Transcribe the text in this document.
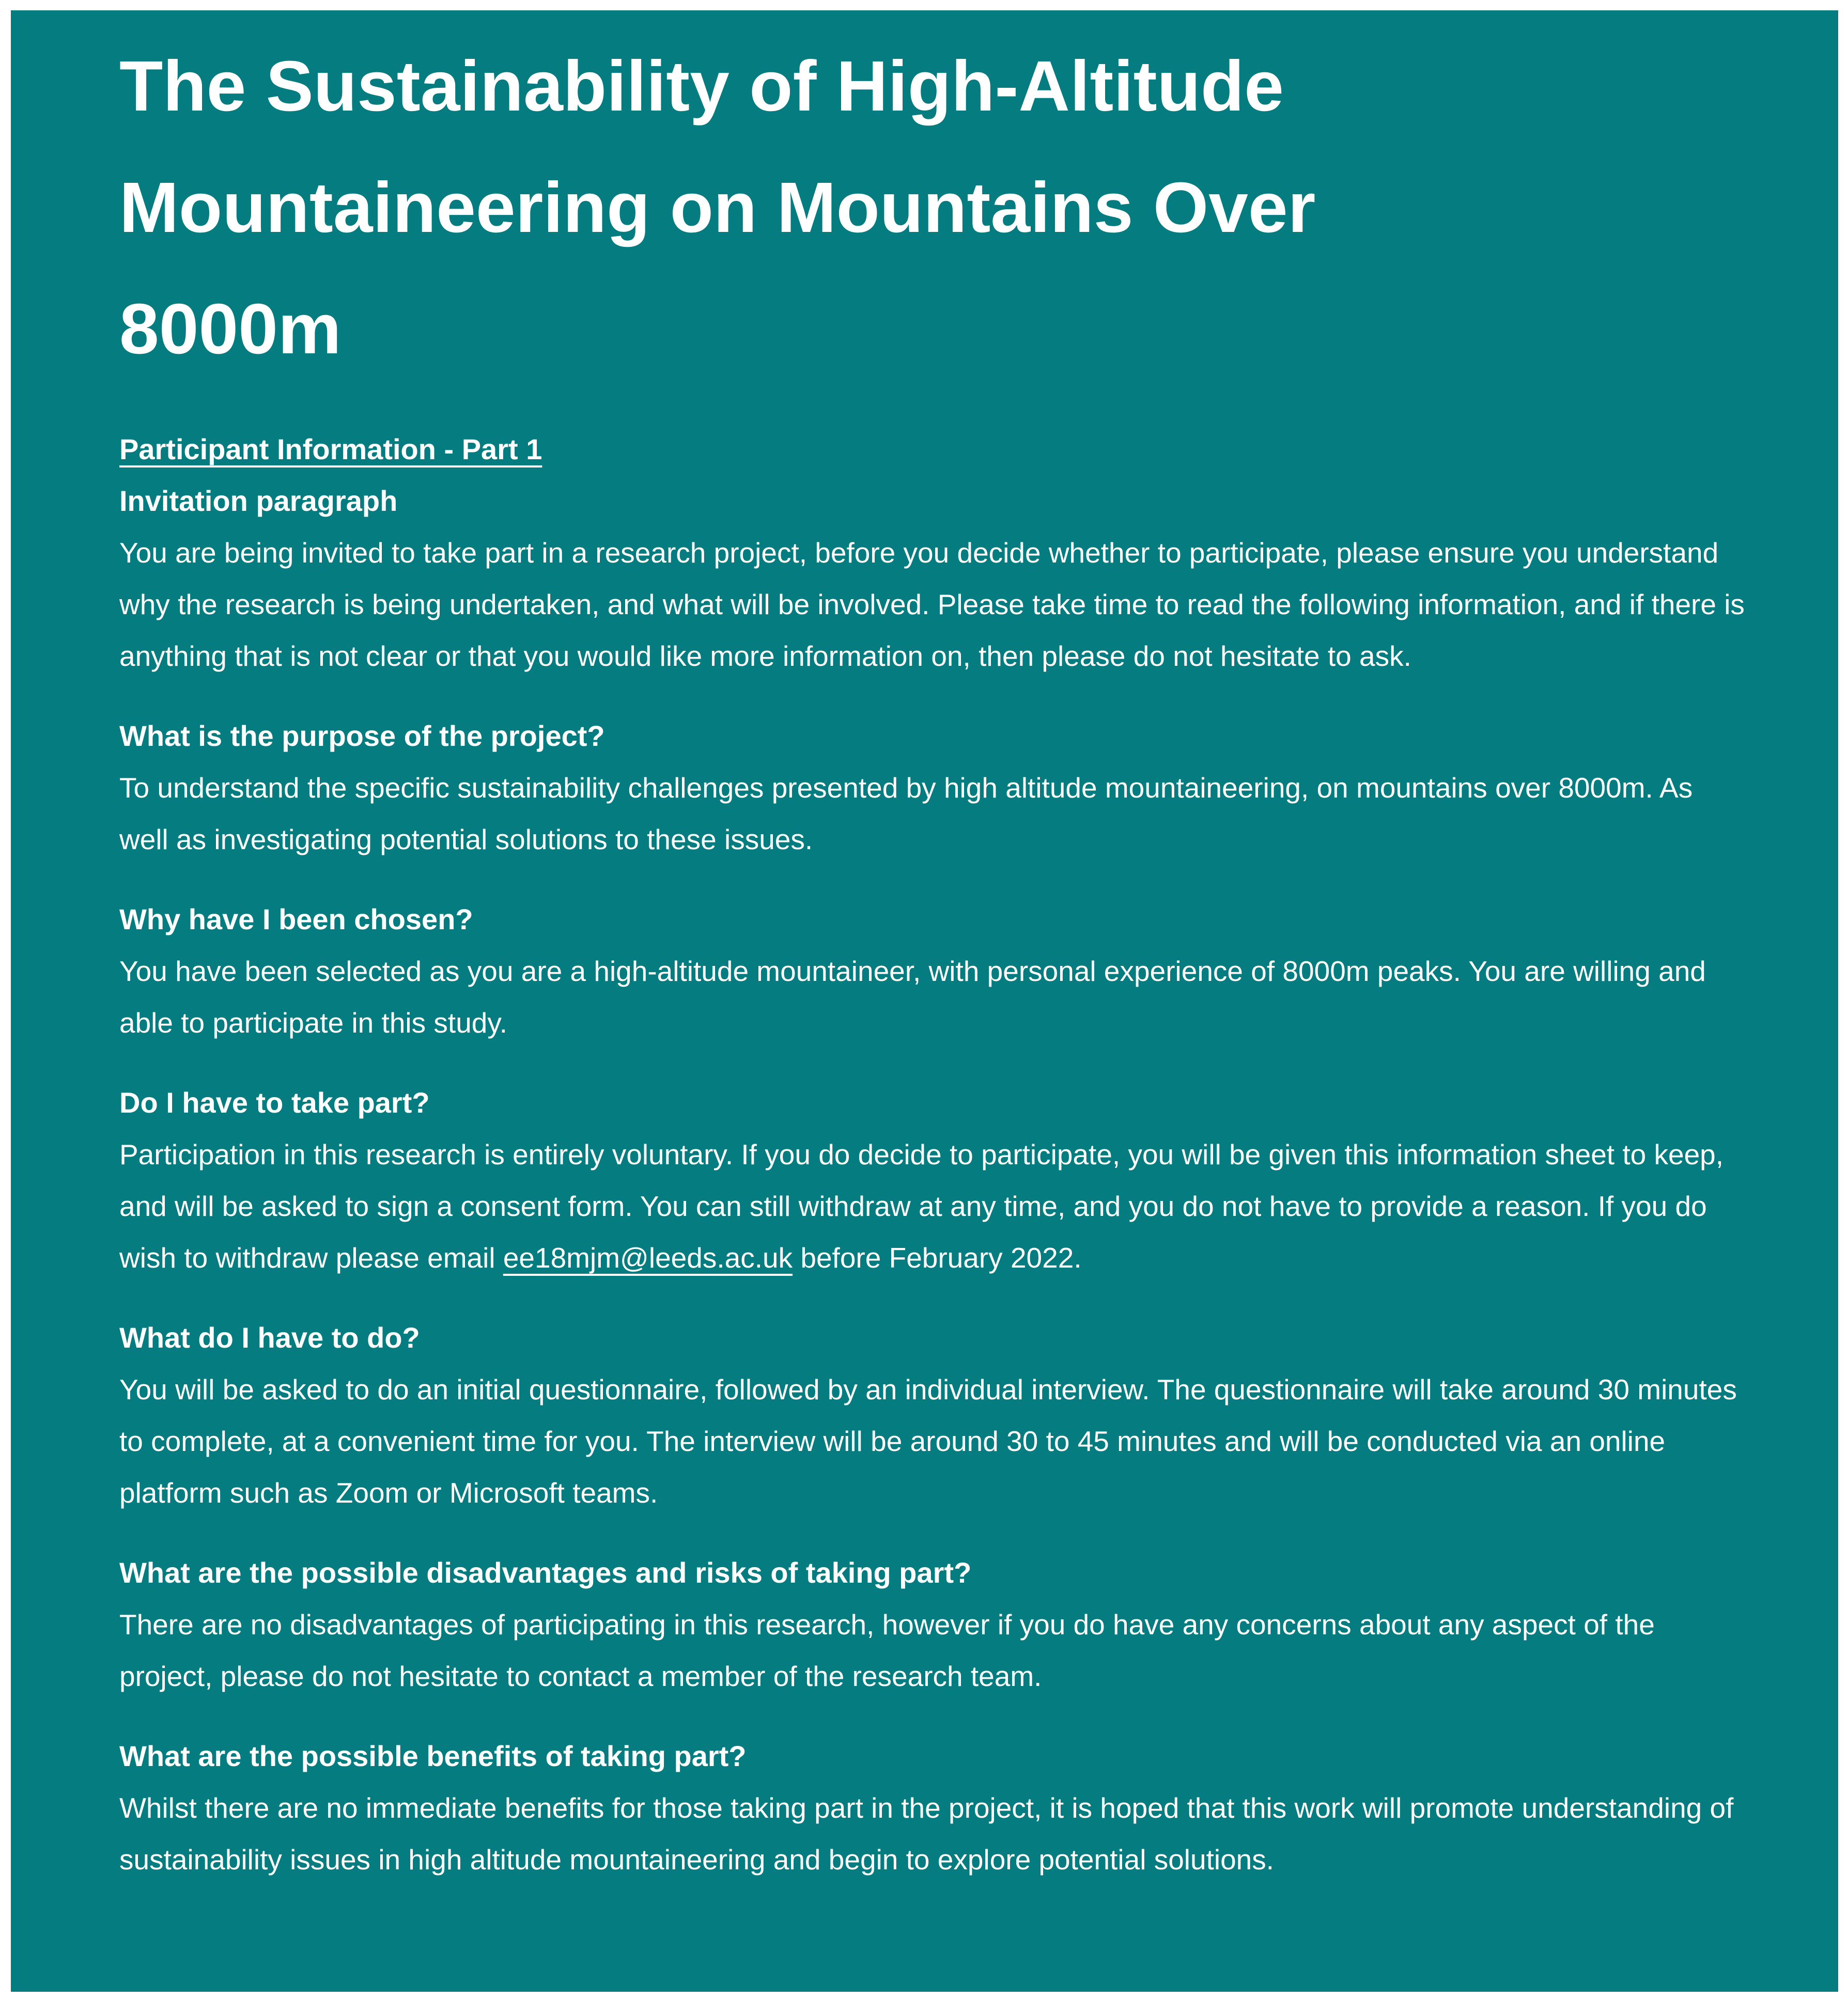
The Sustainability of High-Altitude
Mountaineering on Mountains Over
8000m

Participant Information - Part 1

Invitation paragraph

You are being invited to take part in a research project, before you decide whether to participate, please ensure you understand why the research is being undertaken, and what will be involved. Please take time to read the following information, and if there is anything that is not clear or that you would like more information on, then please do not hesitate to ask.

What is the purpose of the project?

To understand the specific sustainability challenges presented by high altitude mountaineering, on mountains over 8000m. As well as investigating potential solutions to these issues.

Why have I been chosen?

You have been selected as you are a high-altitude mountaineer, with personal experience of 8000m peaks. You are willing and able to participate in this study.

Do I have to take part?

Participation in this research is entirely voluntary. If you do decide to participate, you will be given this information sheet to keep, and will be asked to sign a consent form. You can still withdraw at any time, and you do not have to provide a reason. If you do wish to withdraw please email ee18mjm@leeds.ac.uk before February 2022.

What do I have to do?

You will be asked to do an initial questionnaire, followed by an individual interview. The questionnaire will take around 30 minutes to complete, at a convenient time for you. The interview will be around 30 to 45 minutes and will be conducted via an online platform such as Zoom or Microsoft teams.

What are the possible disadvantages and risks of taking part?

There are no disadvantages of participating in this research, however if you do have any concerns about any aspect of the project, please do not hesitate to contact a member of the research team.

What are the possible benefits of taking part?

Whilst there are no immediate benefits for those taking part in the project, it is hoped that this work will promote understanding of sustainability issues in high altitude mountaineering and begin to explore potential solutions.
